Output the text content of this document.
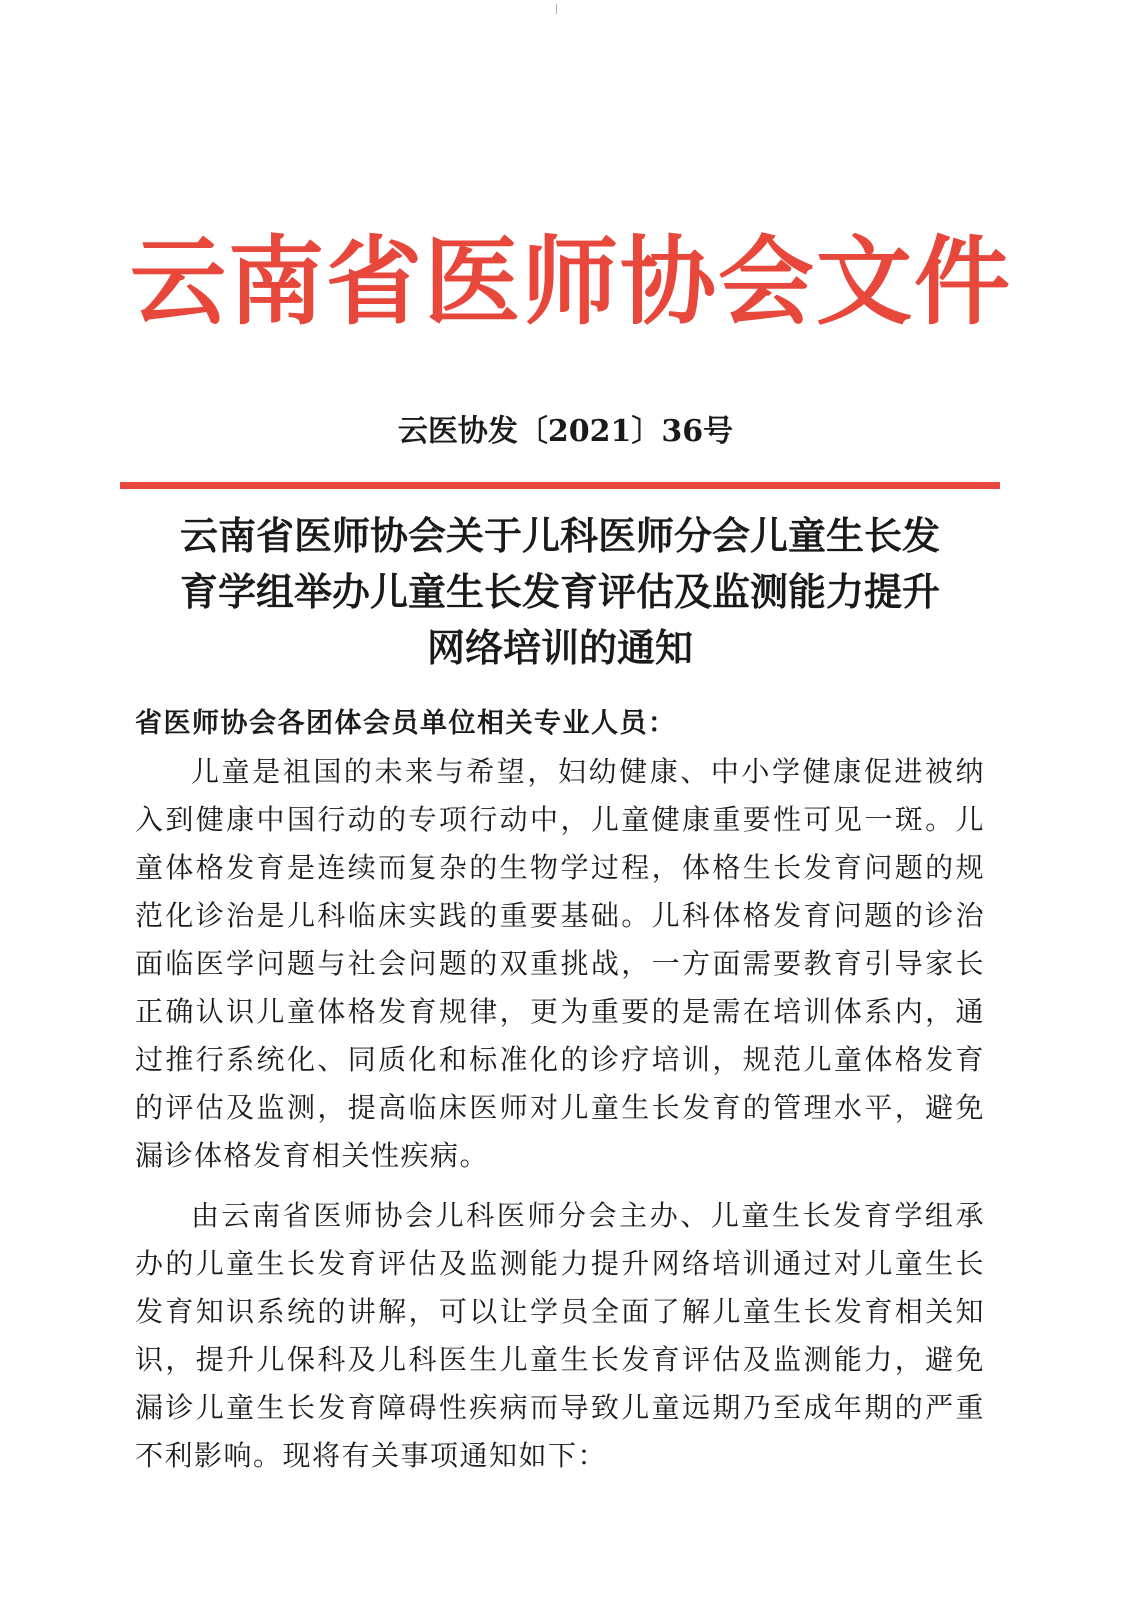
云南省医师协会文件
云医协发〔2021〕36号
云南省医师协会关于儿科医师分会儿童生长发
育学组举办儿童生长发育评估及监测能力提升
网络培训的通知

省医师协会各团体会员单位相关专业人员：

儿童是祖国的未来与希望，妇幼健康、中小学健康促进被纳入到健康中国行动的专项行动中，儿童健康重要性可见一斑。儿童体格发育是连续而复杂的生物学过程，体格生长发育问题的规范化诊治是儿科临床实践的重要基础。儿科体格发育问题的诊治面临医学问题与社会问题的双重挑战，一方面需要教育引导家长正确认识儿童体格发育规律，更为重要的是需在培训体系内，通过推行系统化、同质化和标准化的诊疗培训，规范儿童体格发育的评估及监测，提高临床医师对儿童生长发育的管理水平，避免漏诊体格发育相关性疾病。

由云南省医师协会儿科医师分会主办、儿童生长发育学组承办的儿童生长发育评估及监测能力提升网络培训通过对儿童生长发育知识系统的讲解，可以让学员全面了解儿童生长发育相关知识，提升儿保科及儿科医生儿童生长发育评估及监测能力，避免漏诊儿童生长发育障碍性疾病而导致儿童远期乃至成年期的严重不利影响。现将有关事项通知如下：
